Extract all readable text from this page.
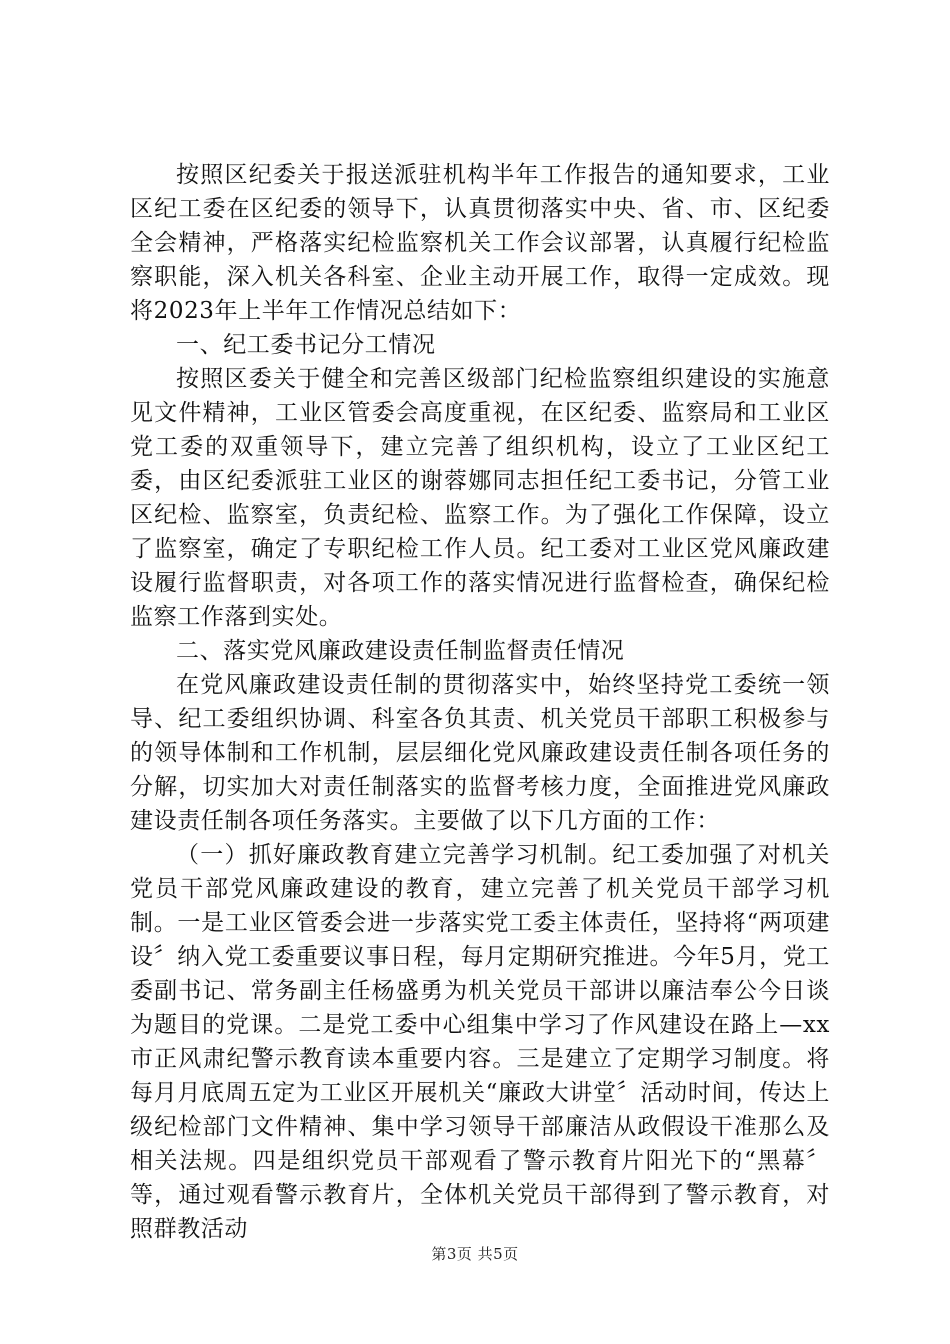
按照区纪委关于报送派驻机构半年工作报告的通知要求，工业区纪工委在区纪委的领导下，认真贯彻落实中央、省、市、区纪委全会精神，严格落实纪检监察机关工作会议部署，认真履行纪检监察职能，深入机关各科室、企业主动开展工作，取得一定成效。现将2023年上半年工作情况总结如下：

一、纪工委书记分工情况

按照区委关于健全和完善区级部门纪检监察组织建设的实施意见文件精神，工业区管委会高度重视，在区纪委、监察局和工业区党工委的双重领导下，建立完善了组织机构，设立了工业区纪工委，由区纪委派驻工业区的谢蓉娜同志担任纪工委书记，分管工业区纪检、监察室，负责纪检、监察工作。为了强化工作保障，设立了监察室，确定了专职纪检工作人员。纪工委对工业区党风廉政建设履行监督职责，对各项工作的落实情况进行监督检查，确保纪检监察工作落到实处。

二、落实党风廉政建设责任制监督责任情况

在党风廉政建设责任制的贯彻落实中，始终坚持党工委统一领导、纪工委组织协调、科室各负其责、机关党员干部职工积极参与的领导体制和工作机制，层层细化党风廉政建设责任制各项任务的分解，切实加大对责任制落实的监督考核力度，全面推进党风廉政建设责任制各项任务落实。主要做了以下几方面的工作：

（一）抓好廉政教育建立完善学习机制。纪工委加强了对机关党员干部党风廉政建设的教育，建立完善了机关党员干部学习机制。一是工业区管委会进一步落实党工委主体责任，坚持将“两项建设〞纳入党工委重要议事日程，每月定期研究推进。今年5月，党工委副书记、常务副主任杨盛勇为机关党员干部讲以廉洁奉公今日谈为题目的党课。二是党工委中心组集中学习了作风建设在路上—xx市正风肃纪警示教育读本重要内容。三是建立了定期学习制度。将每月月底周五定为工业区开展机关“廉政大讲堂〞活动时间，传达上级纪检部门文件精神、集中学习领导干部廉洁从政假设干准那么及相关法规。四是组织党员干部观看了警示教育片阳光下的“黑幕〞等，通过观看警示教育片，全体机关党员干部得到了警示教育，对照群教活动

第3页 共5页
